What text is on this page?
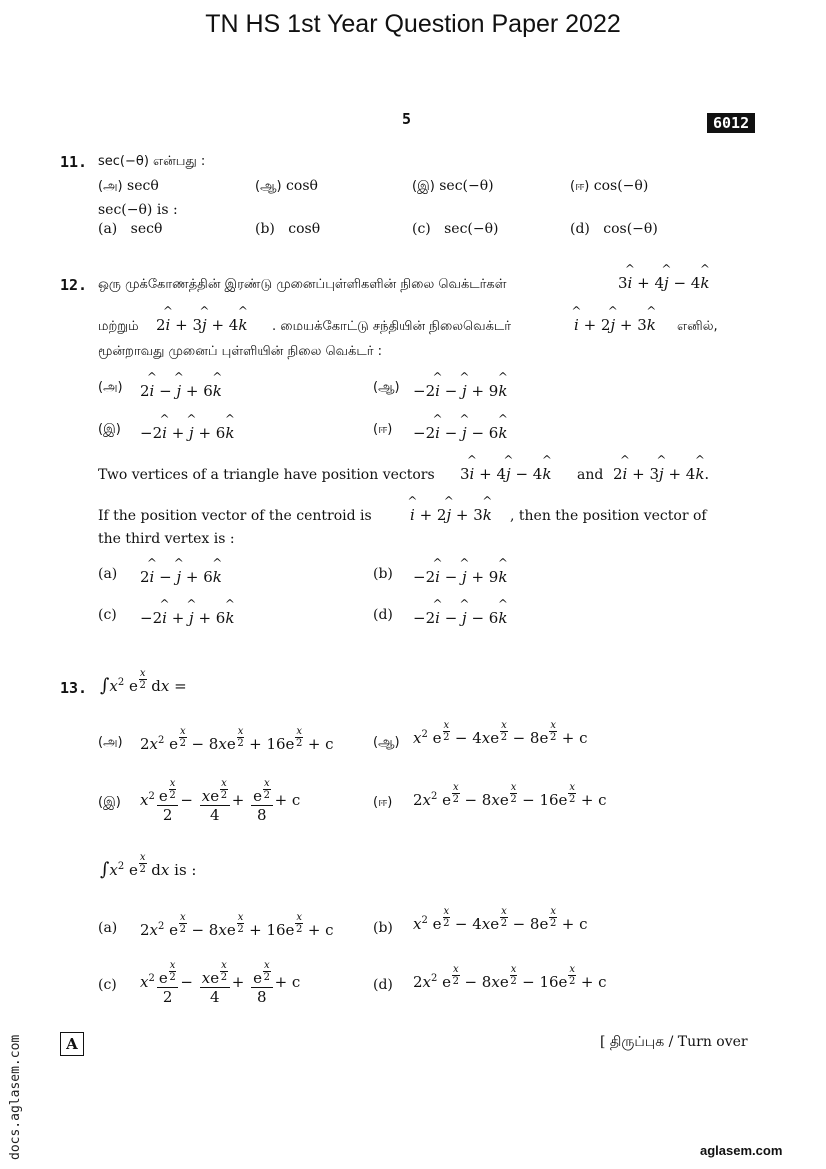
TN HS 1st Year Question Paper 2022
5	6012
11. sec(−θ) என்பது :
(அ) secθ	(ஆ) cosθ	(இ) sec(−θ)	(ஈ) cos(−θ)
sec(−θ) is :
(a) secθ	(b) cosθ	(c) sec(−θ)	(d) cos(−θ)
12. ஒரு முக்கோணத்தின் இரண்டு முனைப்புள்ளிகளின் நிலை வெக்டர்கள்	3^ i + 4^ j − 4^ k
மற்றும் 2^ i + 3^ j + 4^ k . மையக்கோட்டு சந்தியின் நிலைவெக்டர்	^ i + 2^ j + 3^ k எனில்,
மூன்றாவது முனைப் புள்ளியின் நிலை வெக்டர் :
(அ) 2^ i − ^ j + 6^ k	(ஆ) −2^ i − ^ j + 9^ k
(இ) −2^ i + ^ j + 6^ k	(ஈ) −2^ i − ^ j − 6^ k
Two vertices of a triangle have position vectors 3^ i + 4^ j − 4^ k and 2^ i + 3^ j + 4^ k.
If the position vector of the centroid is	^ i + 2^ j + 3^ k , then the position vector of
the third vertex is :
(a) 2^ i − ^ j + 6^ k	(b) −2^ i − ^ j + 9^ k
(c) −2^ i + ^ j + 6^ k	(d) −2^ i − ^ j − 6^ k
13. $\int x^2$ e $\frac{x}{2}$ dx =
(அ) $2x^2$ e $\frac{x}{2} - 8xe \frac{x}{2} + 16e \frac{x}{2} + c$	(ஆ) $x^2$ e $\frac{x}{2} - 4xe \frac{x}{2} - 8e \frac{x}{2} + c$
(இ) $x^2 \frac{e \frac{x}{2}}{2} - \frac{xe \frac{x}{2}}{4} + \frac{e \frac{x}{2}}{8} + c$	(ஈ) $2x^2$ e $\frac{x}{2} - 8xe \frac{x}{2} - 16e \frac{x}{2} + c$
$\int x^2$ e $\frac{x}{2}$ dx is :
(a) $2x^2$ e $\frac{x}{2} - 8xe \frac{x}{2} + 16e \frac{x}{2} + c$	(b) $x^2$ e $\frac{x}{2} - 4xe \frac{x}{2} - 8e \frac{x}{2} + c$
(c) $x^2 \frac{e \frac{x}{2}}{2} - \frac{xe \frac{x}{2}}{4} + \frac{e \frac{x}{2}}{8} + c$	(d) $2x^2$ e $\frac{x}{2} - 8xe \frac{x}{2} - 16e \frac{x}{2} + c$
A	[ திருப்புக / Turn over
docs.aglasem.com	aglasem.com
